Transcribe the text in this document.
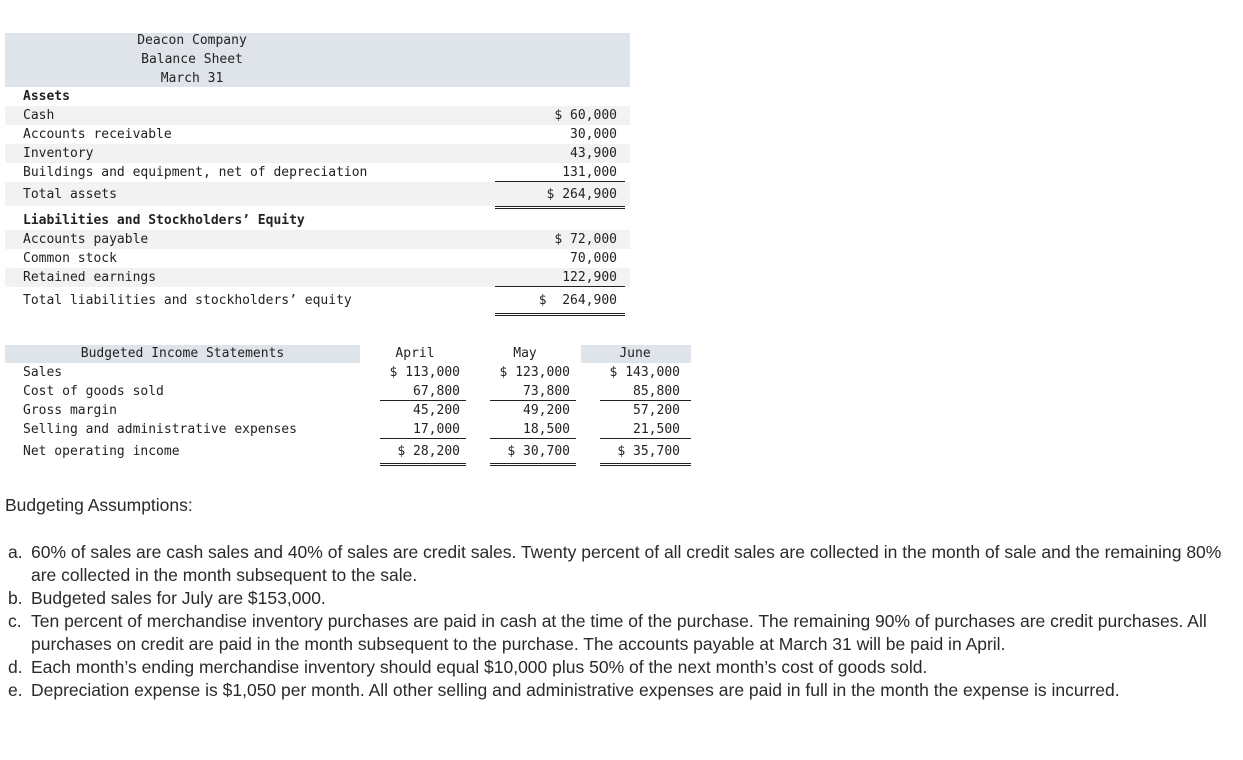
Deacon Company
Balance Sheet
March 31
Assets
Cash	$ 60,000
Accounts receivable	30,000
Inventory	43,900
Buildings and equipment, net of depreciation	131,000
Total assets	$ 264,900
Liabilities and Stockholders’ Equity
Accounts payable	$ 72,000
Common stock	70,000
Retained earnings	122,900
Total liabilities and stockholders’ equity	$  264,900
Budgeted Income Statements	April	May	June
Sales	$ 113,000	$ 123,000	$ 143,000
Cost of goods sold	67,800	73,800	85,800
Gross margin	45,200	49,200	57,200
Selling and administrative expenses	17,000	18,500	21,500
Net operating income	$ 28,200	$ 30,700	$ 35,700
Budgeting Assumptions:
a. 60% of sales are cash sales and 40% of sales are credit sales. Twenty percent of all credit sales are collected in the month of sale and the remaining 80% are collected in the month subsequent to the sale.
b. Budgeted sales for July are $153,000.
c. Ten percent of merchandise inventory purchases are paid in cash at the time of the purchase. The remaining 90% of purchases are credit purchases. All purchases on credit are paid in the month subsequent to the purchase. The accounts payable at March 31 will be paid in April.
d. Each month’s ending merchandise inventory should equal $10,000 plus 50% of the next month’s cost of goods sold.
e. Depreciation expense is $1,050 per month. All other selling and administrative expenses are paid in full in the month the expense is incurred.
